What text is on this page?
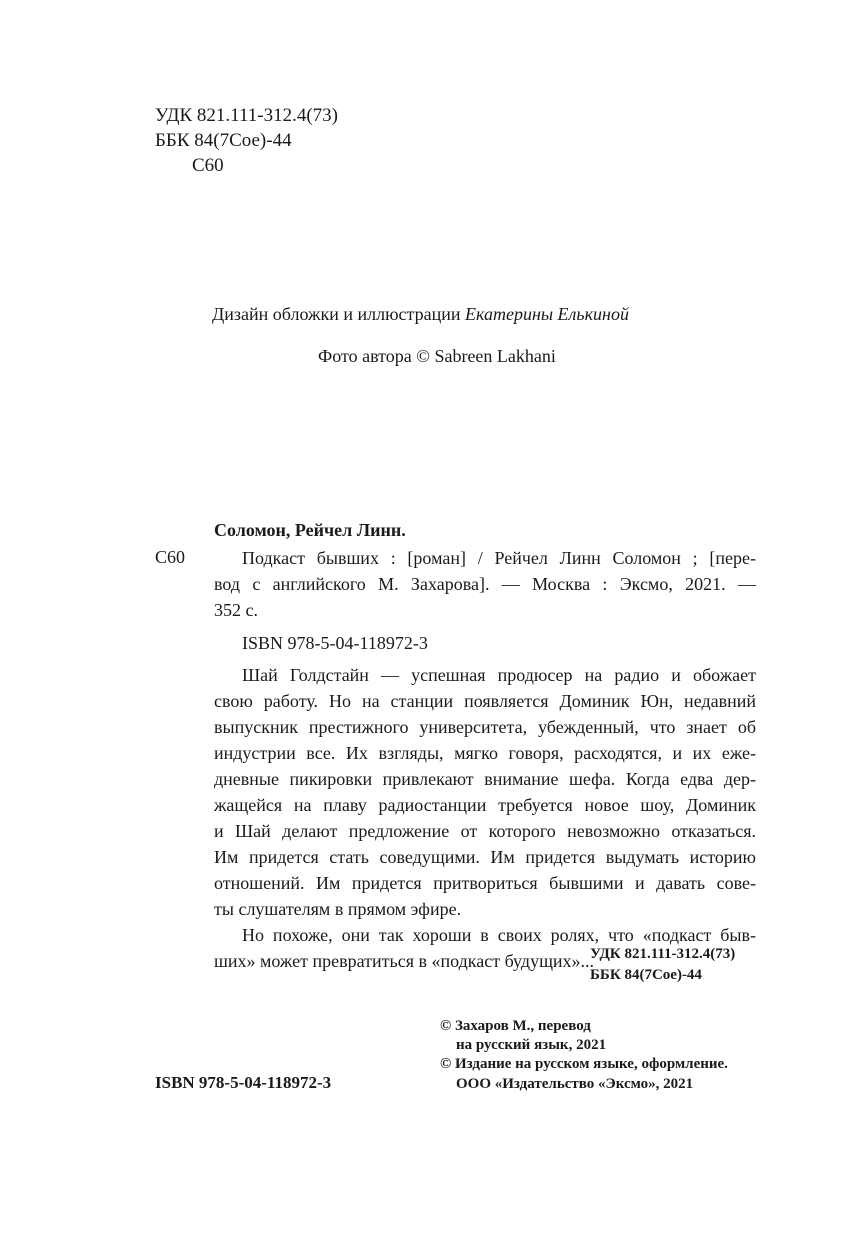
УДК 821.111-312.4(73)
ББК 84(7Сое)-44
С60
Дизайн обложки и иллюстрации Екатерины Елькиной
Фото автора © Sabreen Lakhani
Соломон, Рейчел Линн.
С60	Подкаст бывших : [роман] / Рейчел Линн Соломон ; [пере-
вод с английского М. Захарова]. — Москва : Эксмо, 2021. —
352 с.
ISBN 978-5-04-118972-3
Шай Голдстайн — успешная продюсер на радио и обожает
свою работу. Но на станции появляется Доминик Юн, недавний
выпускник престижного университета, убежденный, что знает об
индустрии все. Их взгляды, мягко говоря, расходятся, и их еже-
дневные пикировки привлекают внимание шефа. Когда едва дер-
жащейся на плаву радиостанции требуется новое шоу, Доминик
и Шай делают предложение от которого невозможно отказаться.
Им придется стать соведущими. Им придется выдумать историю
отношений. Им придется притвориться бывшими и давать сове-
ты слушателям в прямом эфире.
Но похоже, они так хороши в своих ролях, что «подкаст быв-
ших» может превратиться в «подкаст будущих»...
УДК 821.111-312.4(73)
ББК 84(7Сое)-44
ISBN 978-5-04-118972-3
© Захаров М., перевод
на русский язык, 2021
© Издание на русском языке, оформление.
ООО «Издательство «Эксмо», 2021
